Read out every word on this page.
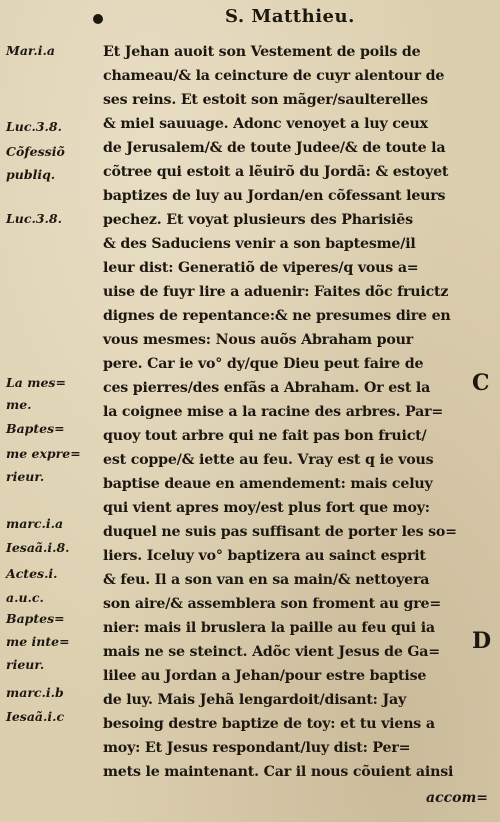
S. Matthieu.
Mar.i.a
Luc.3.8.
Cõfessiõ
publiq.
Luc.3.8.
La mes=
me.
Baptes=
me expre=
rieur.
marc.i.a
Iesaã.i.8.
Actes.i.
a.u.c.
Baptes=
me inte=
rieur.
marc.i.b
Iesaã.i.c
Et Jehan auoit son Vestement de poils de
chameau/& la ceincture de cuyr alentour de
ses reins. Et estoit son mãger/saulterelles
& miel sauuage. Adonc venoyet a luy ceux
de Jerusalem/& de toute Judee/& de toute la
cõtree qui estoit a lẽuirõ du Jordã: & estoyet
baptizes de luy au Jordan/en cõfessant leurs
pechez. Et voyat plusieurs des Pharisiēs
& des Saduciens venir a son baptesme/il
leur dist: Generatiõ de viperes/q vous a=
uise de fuyr lire a aduenir: Faites dõc fruictz
dignes de repentance:& ne presumes dire en
vous mesmes: Nous auõs Abraham pour
pere. Car ie vo° dy/que Dieu peut faire de
ces pierres/des enfãs a Abraham. Or est la
la coignee mise a la racine des arbres. Par=
quoy tout arbre qui ne fait pas bon fruict/
est coppe/& iette au feu. Vray est q ie vous
baptise deaue en amendement: mais celuy
qui vient apres moy/est plus fort que moy:
duquel ne suis pas suffisant de porter les so=
liers. Iceluy vo° baptizera au sainct esprit
& feu. Il a son van en sa main/& nettoyera
son aire/& assemblera son froment au gre=
nier: mais il bruslera la paille au feu qui ia
mais ne se steinct. Adõc vient Jesus de Ga=
lilee au Jordan a Jehan/pour estre baptise
de luy. Mais Jehã lengardoit/disant: Jay
besoing destre baptize de toy: et tu viens a
moy: Et Jesus respondant/luy dist: Per=
mets le maintenant. Car il nous cõuient ainsi
C
D
accom=
